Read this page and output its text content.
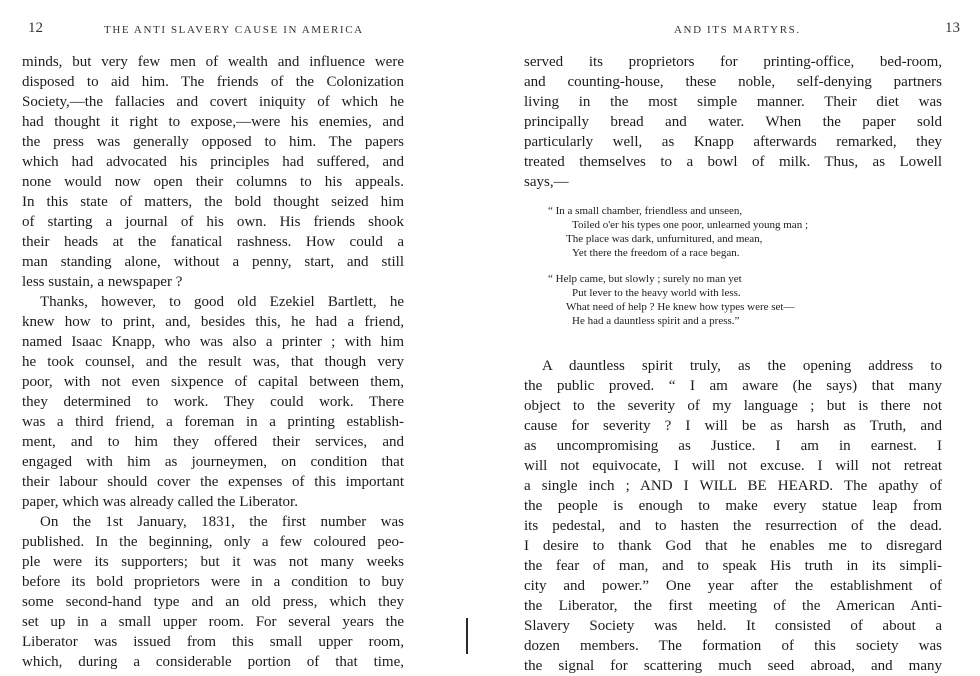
12	THE ANTI SLAVERY CAUSE IN AMERICA
minds, but very few men of wealth and influence were
disposed to aid him. The friends of the Colonization
Society,—the fallacies and covert iniquity of which he
had thought it right to expose,—were his enemies, and
the press was generally opposed to him. The papers
which had advocated his principles had suffered, and
none would now open their columns to his appeals.
In this state of matters, the bold thought seized him
of starting a journal of his own. His friends shook
their heads at the fanatical rashness. How could a
man standing alone, without a penny, start, and still
less sustain, a newspaper ?
Thanks, however, to good old Ezekiel Bartlett, he
knew how to print, and, besides this, he had a friend,
named Isaac Knapp, who was also a printer ; with him
he took counsel, and the result was, that though very
poor, with not even sixpence of capital between them,
they determined to work. They could work. There
was a third friend, a foreman in a printing establish-
ment, and to him they offered their services, and
engaged with him as journeymen, on condition that
their labour should cover the expenses of this important
paper, which was already called the Liberator.
On the 1st January, 1831, the first number was
published. In the beginning, only a few coloured peo-
ple were its supporters; but it was not many weeks
before its bold proprietors were in a condition to buy
some second-hand type and an old press, which they
set up in a small upper room. For several years the
Liberator was issued from this small upper room,
which, during a considerable portion of that time,
AND ITS MARTYRS.	13
served its proprietors for printing-office, bed-room,
and counting-house, these noble, self-denying partners
living in the most simple manner. Their diet was
principally bread and water. When the paper sold
particularly well, as Knapp afterwards remarked, they
treated themselves to a bowl of milk. Thus, as Lowell
says,—
“ In a small chamber, friendless and unseen,
Toiled o'er his types one poor, unlearned young man ;
The place was dark, unfurnitured, and mean,
Yet there the freedom of a race began.
“ Help came, but slowly ; surely no man yet
Put lever to the heavy world with less.
What need of help ? He knew how types were set—
He had a dauntless spirit and a press.”
A dauntless spirit truly, as the opening address to
the public proved. “ I am aware (he says) that many
object to the severity of my language ; but is there not
cause for severity ? I will be as harsh as Truth, and
as uncompromising as Justice. I am in earnest. I
will not equivocate, I will not excuse. I will not retreat
a single inch ; AND I WILL BE HEARD. The apathy of
the people is enough to make every statue leap from
its pedestal, and to hasten the resurrection of the dead.
I desire to thank God that he enables me to disregard
the fear of man, and to speak His truth in its simpli-
city and power.” One year after the establishment of
the Liberator, the first meeting of the American Anti-
Slavery Society was held. It consisted of about a
dozen members. The formation of this society was
the signal for scattering much seed abroad, and many
